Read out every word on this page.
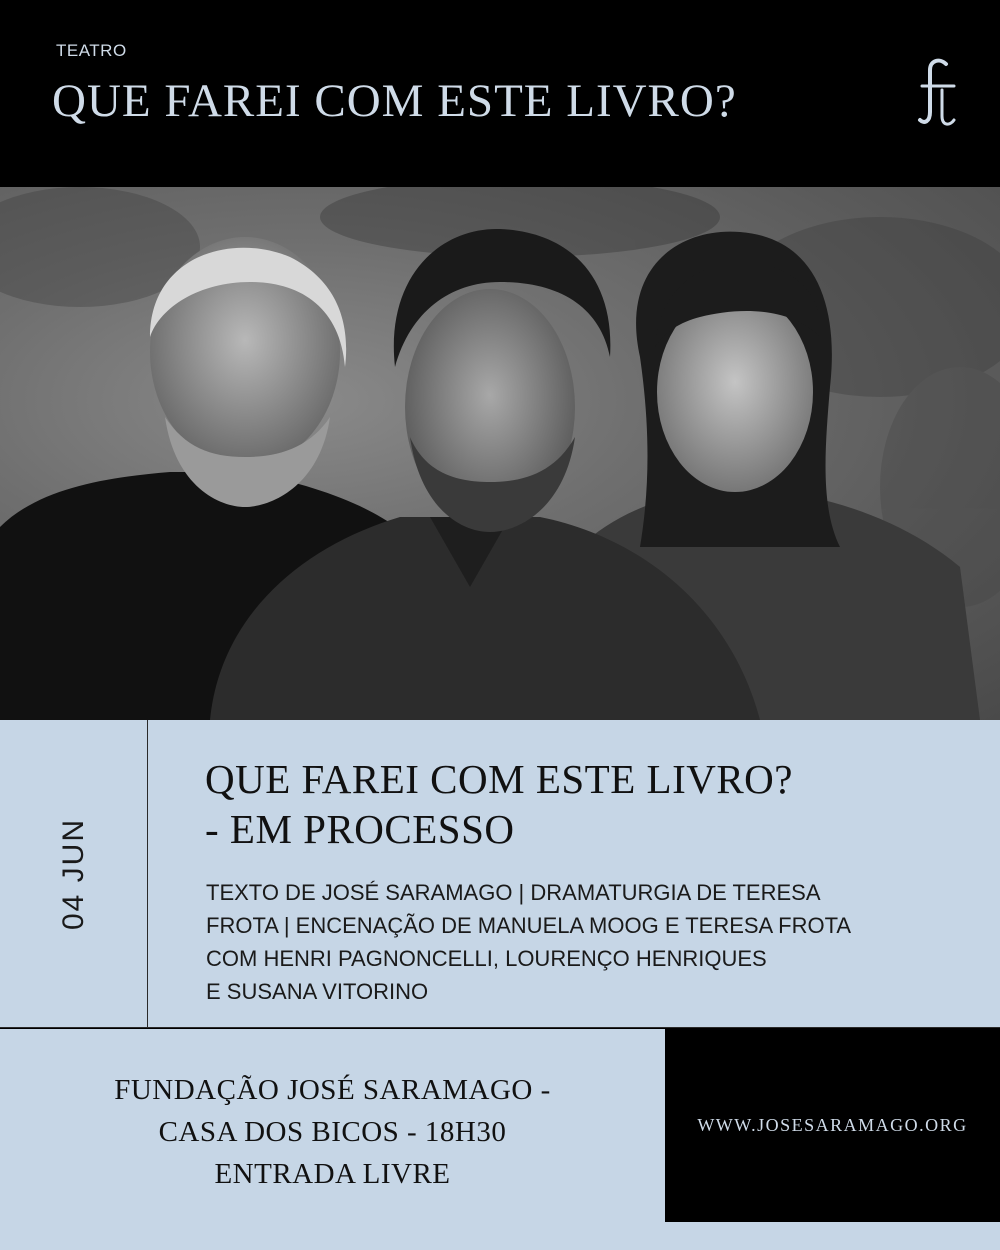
TEATRO
QUE FAREI COM ESTE LIVRO?
04 JUN
QUE FAREI COM ESTE LIVRO?
- EM PROCESSO
TEXTO DE JOSÉ SARAMAGO | DRAMATURGIA DE TERESA
FROTA | ENCENAÇÃO DE MANUELA MOOG E TERESA FROTA
COM HENRI PAGNONCELLI, LOURENÇO HENRIQUES
E SUSANA VITORINO
FUNDAÇÃO JOSÉ SARAMAGO -
CASA DOS BICOS - 18H30
ENTRADA LIVRE
WWW.JOSESARAMAGO.ORG
